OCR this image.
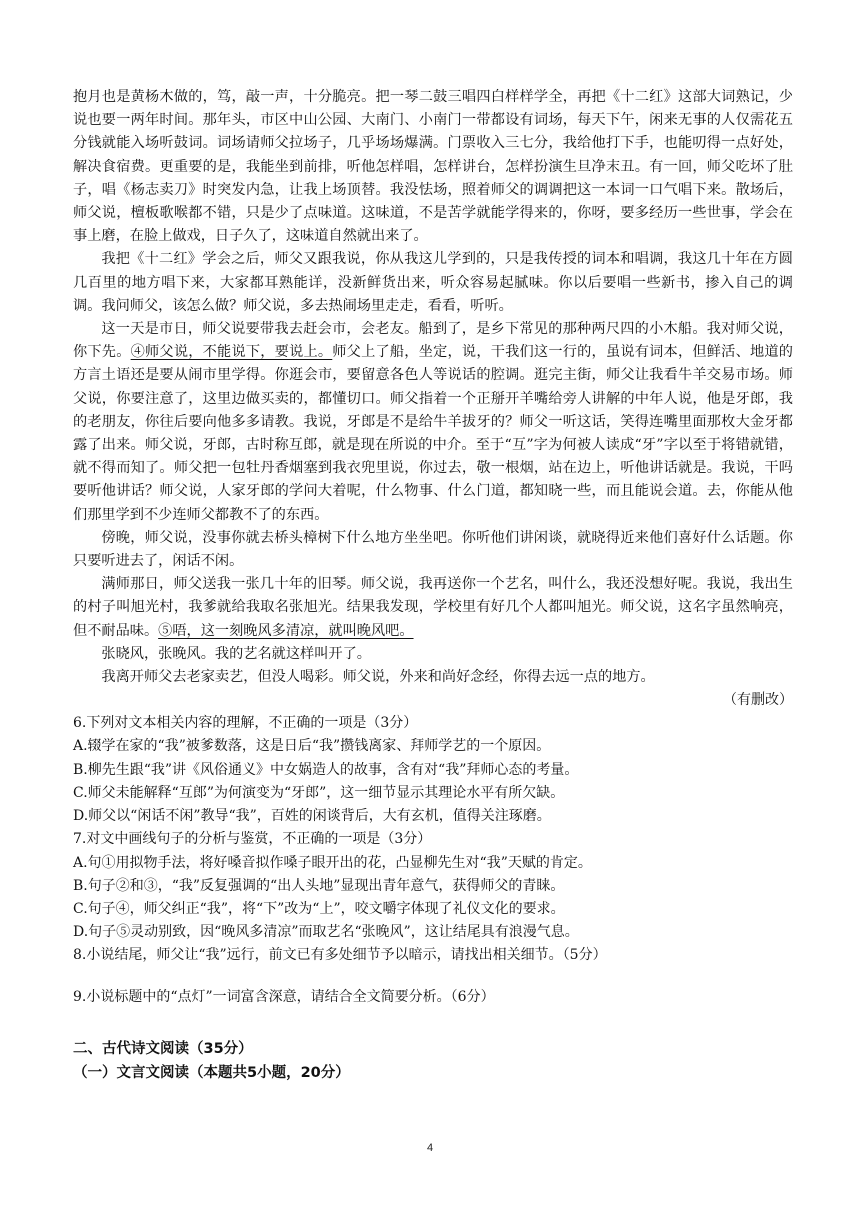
抱月也是黄杨木做的，笃，敲一声，十分脆亮。把一琴二鼓三唱四白样样学全，再把《十二红》这部大词熟记，少说也要一两年时间。那年头，市区中山公园、大南门、小南门一带都设有词场，每天下午，闲来无事的人仅需花五分钱就能入场听鼓词。词场请师父拉场子，几乎场场爆满。门票收入三七分，我给他打下手，也能叨得一点好处，解决食宿费。更重要的是，我能坐到前排，听他怎样唱，怎样讲台，怎样扮演生旦净末丑。有一回，师父吃坏了肚子，唱《杨志卖刀》时突发内急，让我上场顶替。我没怯场，照着师父的调调把这一本词一口气唱下来。散场后，师父说，檀板歌喉都不错，只是少了点味道。这味道，不是苦学就能学得来的，你呀，要多经历一些世事，学会在事上磨，在脸上做戏，日子久了，这味道自然就出来了。

我把《十二红》学会之后，师父又跟我说，你从我这儿学到的，只是我传授的词本和唱调，我这几十年在方圆几百里的地方唱下来，大家都耳熟能详，没新鲜货出来，听众容易起腻味。你以后要唱一些新书，掺入自己的调调。我问师父，该怎么做？师父说，多去热闹场里走走，看看，听听。

这一天是市日，师父说要带我去赶会市，会老友。船到了，是乡下常见的那种两尺四的小木船。我对师父说，你下先。④师父说，不能说下，要说上。师父上了船，坐定，说，干我们这一行的，虽说有词本，但鲜活、地道的方言土语还是要从闹市里学得。你逛会市，要留意各色人等说话的腔调。逛完主街，师父让我看牛羊交易市场。师父说，你要注意了，这里边做买卖的，都懂切口。师父指着一个正掰开羊嘴给旁人讲解的中年人说，他是牙郎，我的老朋友，你往后要向他多多请教。我说，牙郎是不是给牛羊拔牙的？师父一听这话，笑得连嘴里面那枚大金牙都露了出来。师父说，牙郎，古时称互郎，就是现在所说的中介。至于“互”字为何被人读成“牙”字以至于将错就错，就不得而知了。师父把一包牡丹香烟塞到我衣兜里说，你过去，敬一根烟，站在边上，听他讲话就是。我说，干吗要听他讲话？师父说，人家牙郎的学问大着呢，什么物事、什么门道，都知晓一些，而且能说会道。去，你能从他们那里学到不少连师父都教不了的东西。

傍晚，师父说，没事你就去桥头樟树下什么地方坐坐吧。你听他们讲闲谈，就晓得近来他们喜好什么话题。你只要听进去了，闲话不闲。

满师那日，师父送我一张几十年的旧琴。师父说，我再送你一个艺名，叫什么，我还没想好呢。我说，我出生的村子叫旭光村，我爹就给我取名张旭光。结果我发现，学校里有好几个人都叫旭光。师父说，这名字虽然响亮，但不耐品味。⑤唔，这一刻晚风多清凉，就叫晚风吧。

张晓风，张晚风。我的艺名就这样叫开了。

我离开师父去老家卖艺，但没人喝彩。师父说，外来和尚好念经，你得去远一点的地方。

（有删改）

6.下列对文本相关内容的理解，不正确的一项是（3分）

A.辍学在家的“我”被爹数落，这是日后“我”攒钱离家、拜师学艺的一个原因。

B.柳先生跟“我”讲《风俗通义》中女娲造人的故事，含有对“我”拜师心态的考量。

C.师父未能解释“互郎”为何演变为“牙郎”，这一细节显示其理论水平有所欠缺。

D.师父以“闲话不闲”教导“我”，百姓的闲谈背后，大有玄机，值得关注琢磨。

7.对文中画线句子的分析与鉴赏，不正确的一项是（3分）

A.句①用拟物手法，将好嗓音拟作嗓子眼开出的花，凸显柳先生对“我”天赋的肯定。

B.句子②和③，“我”反复强调的“出人头地”显现出青年意气，获得师父的青睐。

C.句子④，师父纠正“我”，将“下”改为“上”，咬文嚼字体现了礼仪文化的要求。

D.句子⑤灵动别致，因“晚风多清凉”而取艺名“张晚风”，这让结尾具有浪漫气息。

8.小说结尾，师父让“我”远行，前文已有多处细节予以暗示，请找出相关细节。（5分）

9.小说标题中的“点灯”一词富含深意，请结合全文简要分析。（6分）

二、古代诗文阅读（35分）

（一）文言文阅读（本题共5小题，20分）

4
